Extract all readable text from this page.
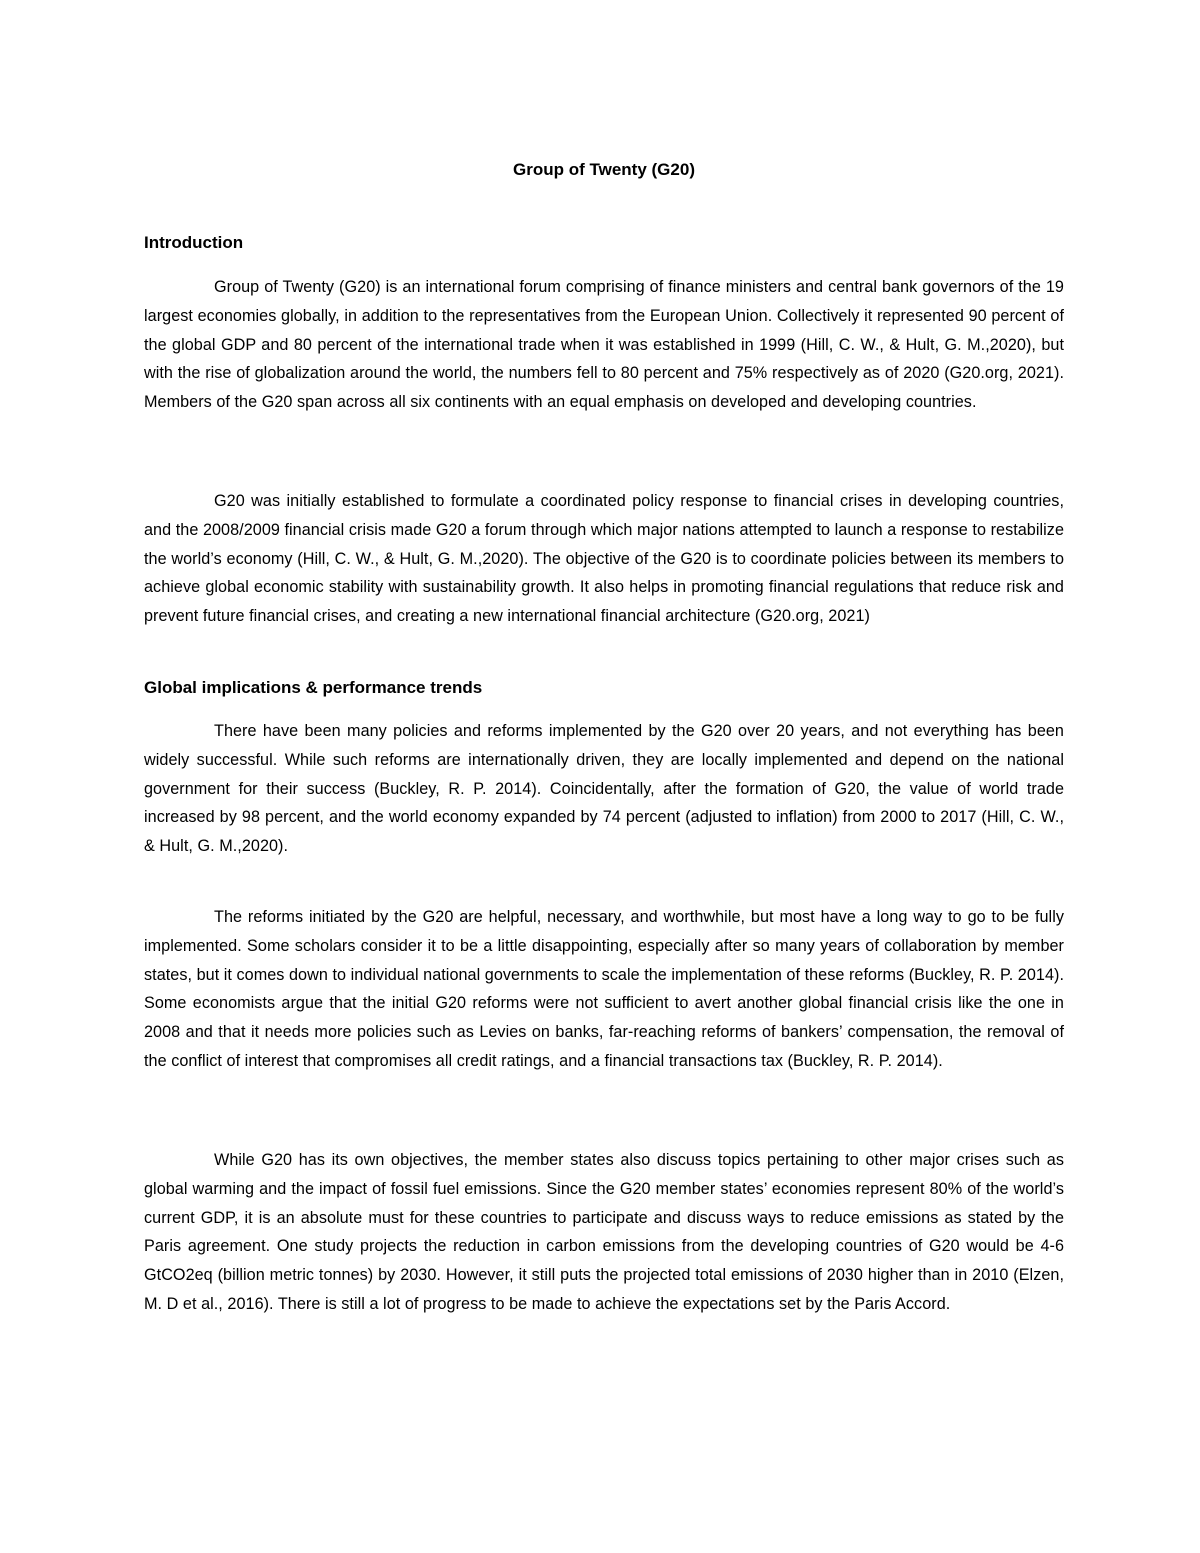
Group of Twenty (G20)
Introduction

Group of Twenty (G20) is an international forum comprising of finance ministers and central bank governors of the 19 largest economies globally, in addition to the representatives from the European Union. Collectively it represented 90 percent of the global GDP and 80 percent of the international trade when it was established in 1999 (Hill, C. W., & Hult, G. M.,2020), but with the rise of globalization around the world, the numbers fell to 80 percent and 75% respectively as of 2020 (G20.org, 2021). Members of the G20 span across all six continents with an equal emphasis on developed and developing countries.

G20 was initially established to formulate a coordinated policy response to financial crises in developing countries, and the 2008/2009 financial crisis made G20 a forum through which major nations attempted to launch a response to restabilize the world’s economy (Hill, C. W., & Hult, G. M.,2020). The objective of the G20 is to coordinate policies between its members to achieve global economic stability with sustainability growth. It also helps in promoting financial regulations that reduce risk and prevent future financial crises, and creating a new international financial architecture (G20.org, 2021)

Global implications & performance trends

There have been many policies and reforms implemented by the G20 over 20 years, and not everything has been widely successful. While such reforms are internationally driven, they are locally implemented and depend on the national government for their success (Buckley, R. P. 2014). Coincidentally, after the formation of G20, the value of world trade increased by 98 percent, and the world economy expanded by 74 percent (adjusted to inflation) from 2000 to 2017 (Hill, C. W., & Hult, G. M.,2020).

The reforms initiated by the G20 are helpful, necessary, and worthwhile, but most have a long way to go to be fully implemented. Some scholars consider it to be a little disappointing, especially after so many years of collaboration by member states, but it comes down to individual national governments to scale the implementation of these reforms (Buckley, R. P. 2014). Some economists argue that the initial G20 reforms were not sufficient to avert another global financial crisis like the one in 2008 and that it needs more policies such as Levies on banks, far-reaching reforms of bankers’ compensation, the removal of the conflict of interest that compromises all credit ratings, and a financial transactions tax (Buckley, R. P. 2014).

While G20 has its own objectives, the member states also discuss topics pertaining to other major crises such as global warming and the impact of fossil fuel emissions. Since the G20 member states’ economies represent 80% of the world’s current GDP, it is an absolute must for these countries to participate and discuss ways to reduce emissions as stated by the Paris agreement. One study projects the reduction in carbon emissions from the developing countries of G20 would be 4-6 GtCO2eq (billion metric tonnes) by 2030. However, it still puts the projected total emissions of 2030 higher than in 2010 (Elzen, M. D et al., 2016). There is still a lot of progress to be made to achieve the expectations set by the Paris Accord.
